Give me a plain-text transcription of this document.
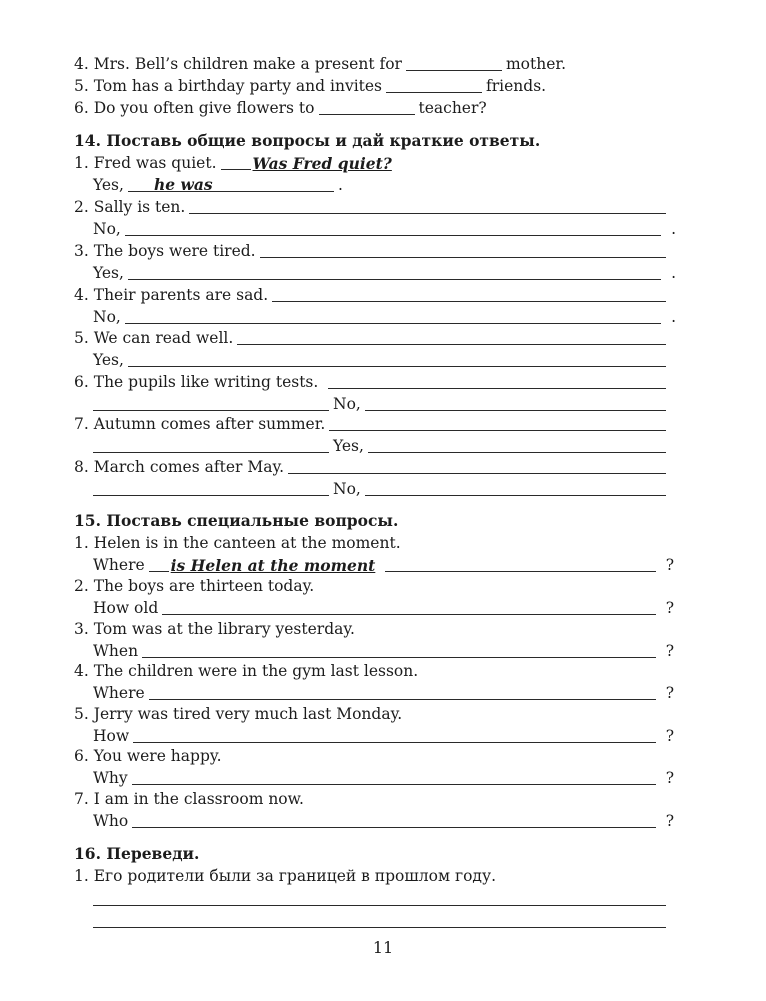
4.
Mrs. Bell’s children make a present for	mother.
5.
Tom has a birthday party and invites	friends.
6.
Do you often give flowers to	teacher?
14. Поставь общие вопросы и дай краткие ответы.
1.
Fred was quiet. Was Fred quiet?
Yes,	he was	.
2.
Sally is ten.
No,	.
3.
The boys were tired.
Yes,	.
4.
Their parents are sad.
No,	.
5.
We can read well.
Yes,
6.
The pupils like writing tests.
No,
7.
Autumn comes after summer.
Yes,
8.
March comes after May.
No,
15. Поставь специальные вопросы.
1.
Helen is in the canteen at the moment.
Where is Helen at the moment	?
2.
The boys are thirteen today.
How old	?
3.
Tom was at the library yesterday.
When	?
4.
The children were in the gym last lesson.
Where	?
5.
Jerry was tired very much last Monday.
How	?
6.
You were happy.
Why	?
7.
I am in the classroom now.
Who	?
16. Переведи.
1.
Его родители были за границей в прошлом году.
11
